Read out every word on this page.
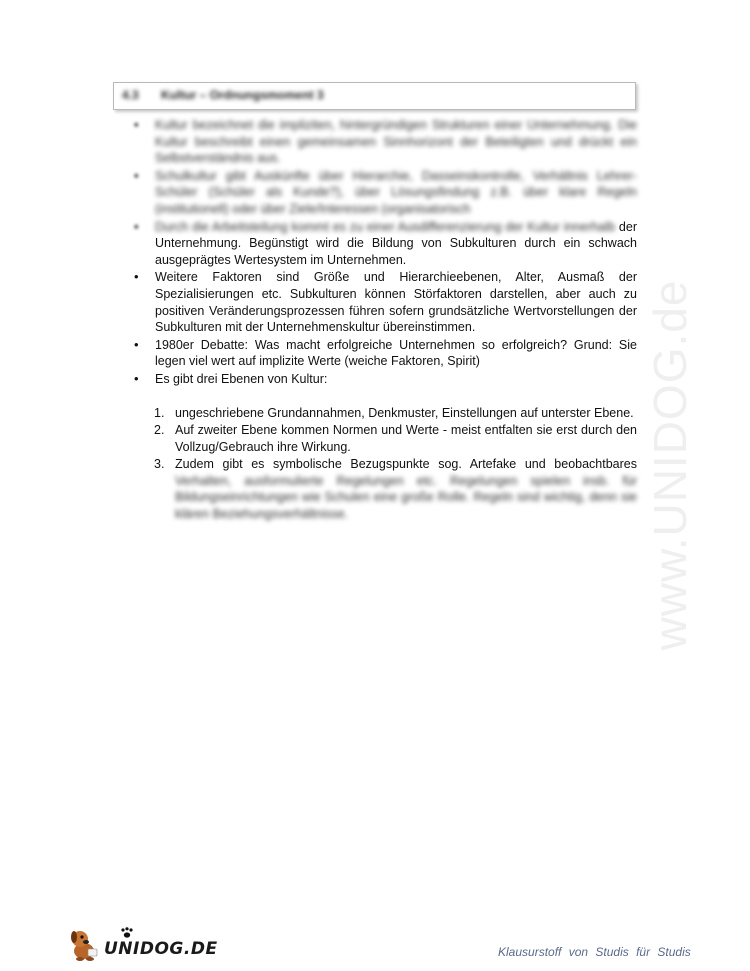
4.3 Kultur – Ordnungsmoment 3
• Kultur bezeichnet die impliziten, hintergründigen Strukturen einer Unternehmung. Die Kultur beschreibt einen gemeinsamen Sinnhorizont der Beteiligten und drückt ein Selbstverständnis aus.
• Schulkultur gibt Auskünfte über Hierarchie, Dasseinskontrolle, Verhältnis Lehrer-Schüler (Schüler als Kunde?), über Lösungsfindung z.B. über klare Regeln (institutionell) oder über Ziele/Interessen (organisatorisch
• Durch die Arbeitsteilung kommt es zu einer Ausdifferenzierung der Kultur innerhalb der Unternehmung. Begünstigt wird die Bildung von Subkulturen durch ein schwach ausgeprägtes Wertesystem im Unternehmen.
• Weitere Faktoren sind Größe und Hierarchieebenen, Alter, Ausmaß der Spezialisierungen etc. Subkulturen können Störfaktoren darstellen, aber auch zu positiven Veränderungsprozessen führen sofern grundsätzliche Wertvorstellungen der Subkulturen mit der Unternehmenskultur übereinstimmen.
• 1980er Debatte: Was macht erfolgreiche Unternehmen so erfolgreich? Grund: Sie legen viel wert auf implizite Werte (weiche Faktoren, Spirit)
• Es gibt drei Ebenen von Kultur:
1. ungeschriebene Grundannahmen, Denkmuster, Einstellungen auf unterster Ebene.
2. Auf zweiter Ebene kommen Normen und Werte - meist entfalten sie erst durch den Vollzug/Gebrauch ihre Wirkung.
3. Zudem gibt es symbolische Bezugspunkte sog. Artefake und beobachtbares Verhalten, ausformulierte Regelungen etc. Regelungen spielen insb. für Bildungseinrichtungen wie Schulen eine große Rolle. Regeln sind wichtig, denn sie klären Beziehungsverhältnisse.	www.UNIDOG.de
UNIDOG.DE	Klausurstoff von Studis für Studis
